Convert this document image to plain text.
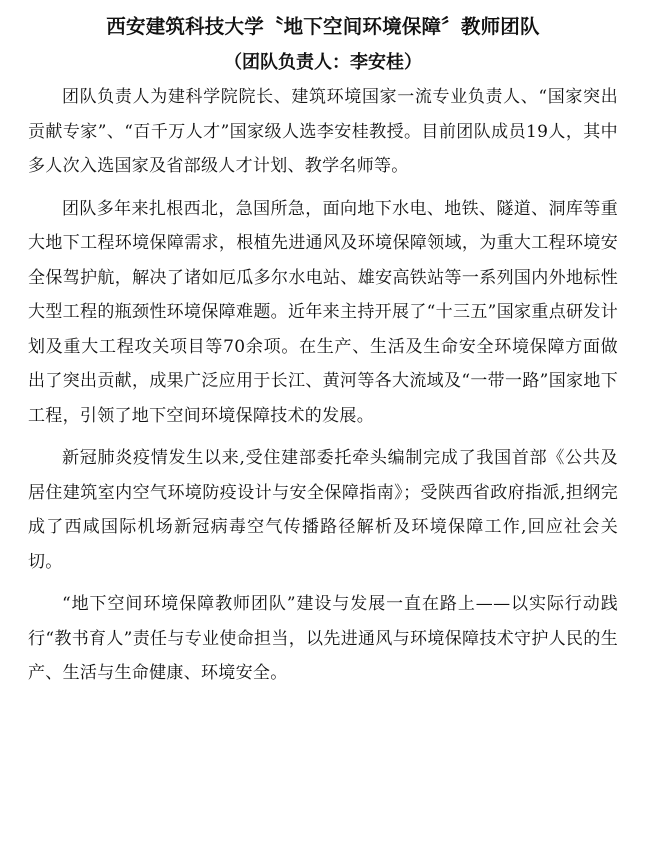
西安建筑科技大学〝地下空间环境保障〞教师团队
（团队负责人：李安桂）

团队负责人为建科学院院长、建筑环境国家一流专业负责人、“国家突出贡献专家”、“百千万人才”国家级人选李安桂教授。目前团队成员19人，其中多人次入选国家及省部级人才计划、教学名师等。

团队多年来扎根西北，急国所急，面向地下水电、地铁、隧道、洞库等重大地下工程环境保障需求，根植先进通风及环境保障领域，为重大工程环境安全保驾护航，解决了诸如厄瓜多尔水电站、雄安高铁站等一系列国内外地标性大型工程的瓶颈性环境保障难题。近年来主持开展了“十三五”国家重点研发计划及重大工程攻关项目等70余项。在生产、生活及生命安全环境保障方面做出了突出贡献，成果广泛应用于长江、黄河等各大流域及“一带一路”国家地下工程，引领了地下空间环境保障技术的发展。

新冠肺炎疫情发生以来,受住建部委托牵头编制完成了我国首部《公共及居住建筑室内空气环境防疫设计与安全保障指南》；受陕西省政府指派,担纲完成了西咸国际机场新冠病毒空气传播路径解析及环境保障工作,回应社会关切。

“地下空间环境保障教师团队”建设与发展一直在路上——以实际行动践行“教书育人”责任与专业使命担当，以先进通风与环境保障技术守护人民的生产、生活与生命健康、环境安全。
